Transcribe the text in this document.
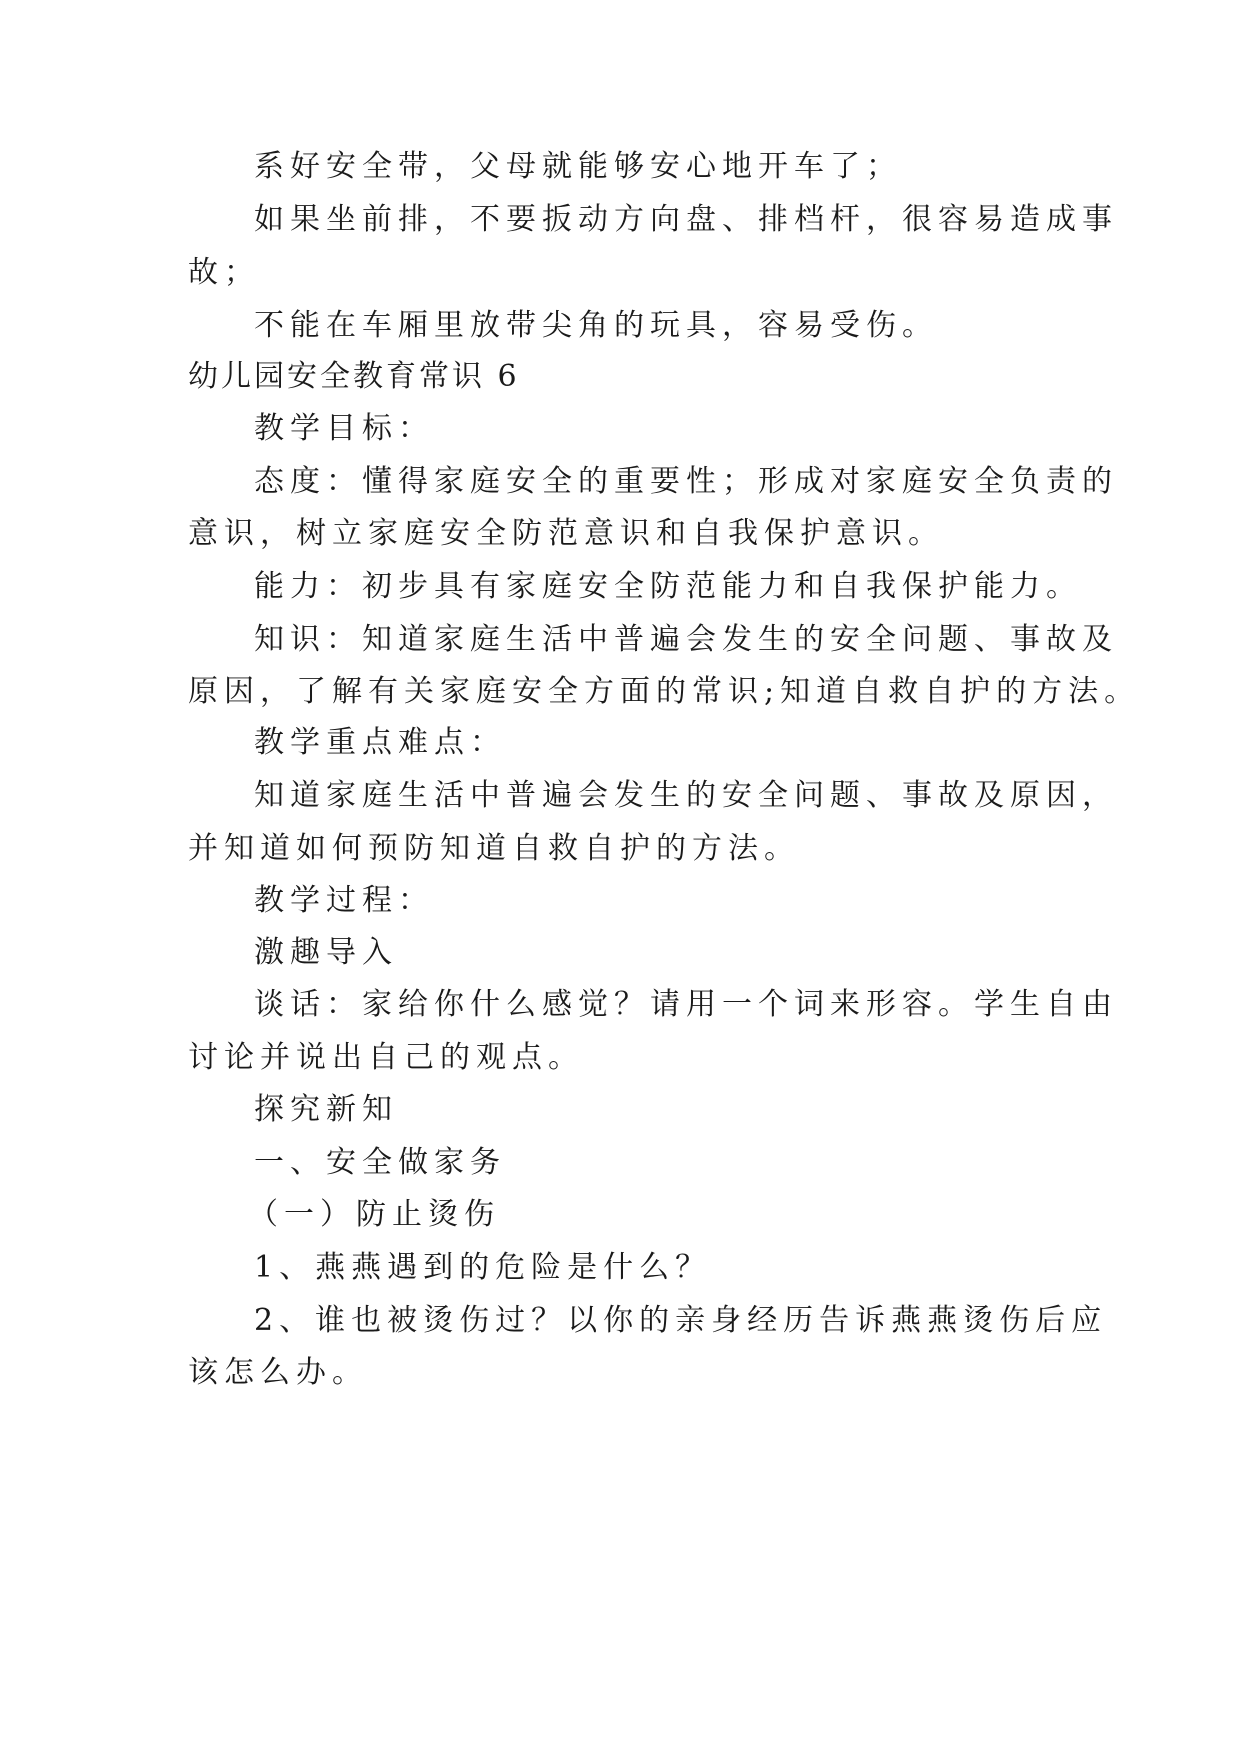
系好安全带，父母就能够安心地开车了；
如果坐前排，不要扳动方向盘、排档杆，很容易造成事
故；
不能在车厢里放带尖角的玩具，容易受伤。
幼儿园安全教育常识 6
教学目标：
态度：懂得家庭安全的重要性；形成对家庭安全负责的
意识，树立家庭安全防范意识和自我保护意识。
能力：初步具有家庭安全防范能力和自我保护能力。
知识：知道家庭生活中普遍会发生的安全问题、事故及
原因，了解有关家庭安全方面的常识;知道自救自护的方法。
教学重点难点：
知道家庭生活中普遍会发生的安全问题、事故及原因，
并知道如何预防知道自救自护的方法。
教学过程：
激趣导入
谈话：家给你什么感觉？请用一个词来形容。学生自由
讨论并说出自己的观点。
探究新知
一、安全做家务
（一）防止烫伤
1、燕燕遇到的危险是什么？
2、谁也被烫伤过？以你的亲身经历告诉燕燕烫伤后应
该怎么办。
